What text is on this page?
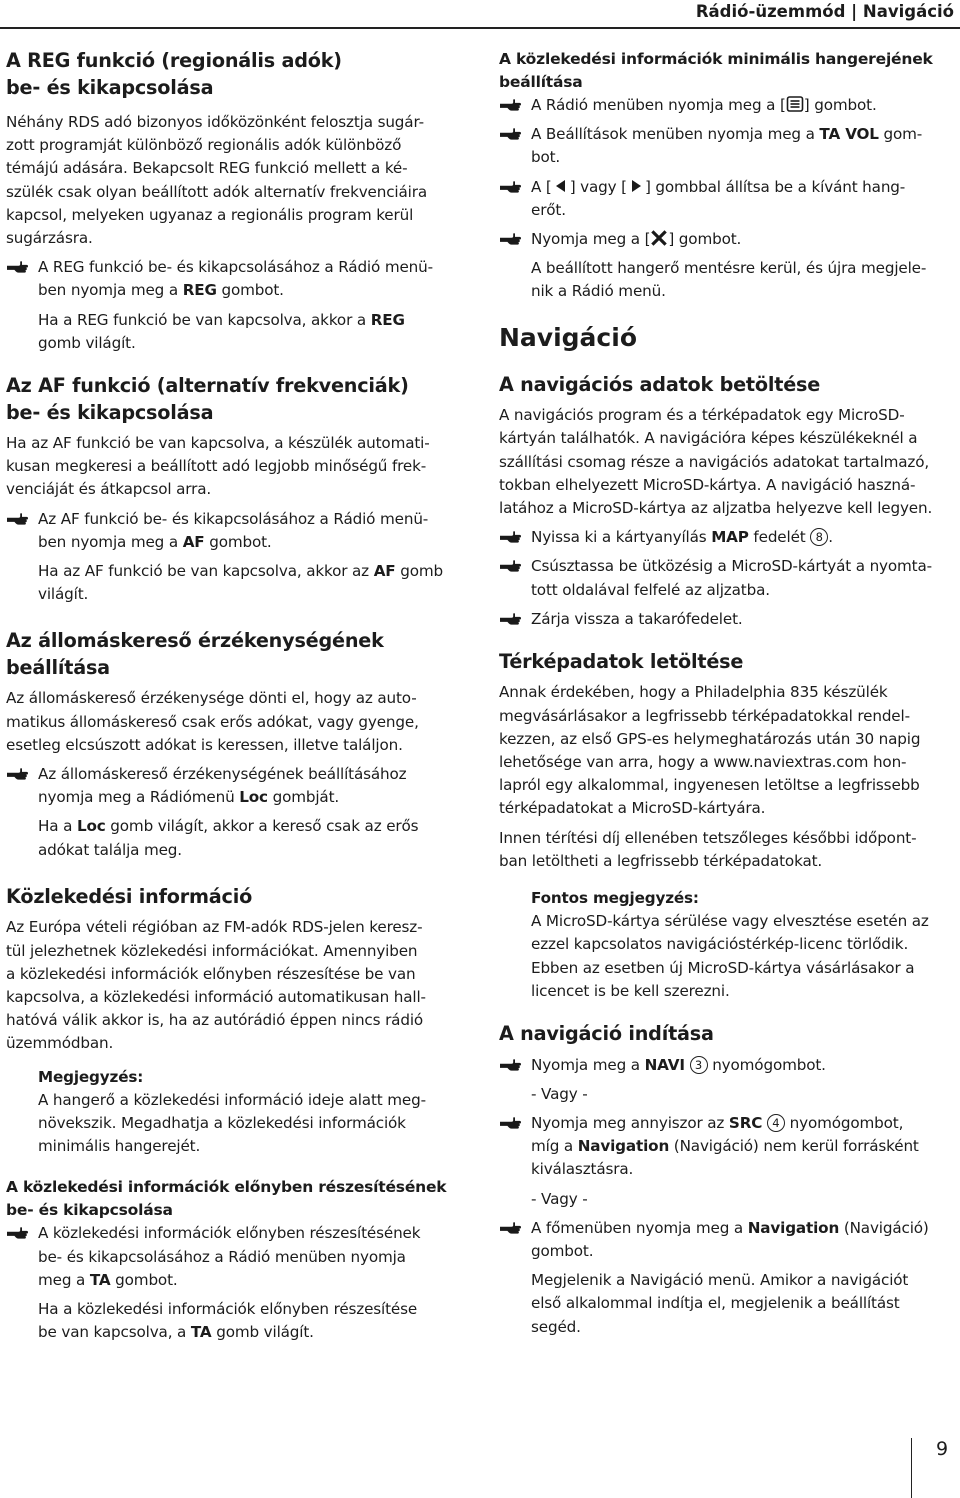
Rádió-üzemmód | Navigáció
A REG funkció (regionális adók)
be- és kikapcsolása

Néhány RDS adó bizonyos időközönként felosztja sugár-
zott programját különböző regionális adók különböző
témájú adására. Bekapcsolt REG funkció mellett a ké-
szülék csak olyan beállított adók alternatív frekvenciáira
kapcsol, melyeken ugyanaz a regionális program kerül
sugárzásra.

A REG funkció be- és kikapcsolásához a Rádió menü-
ben nyomja meg a REG gombot.

Ha a REG funkció be van kapcsolva, akkor a REG
gomb világít.

Az AF funkció (alternatív frekvenciák)
be- és kikapcsolása

Ha az AF funkció be van kapcsolva, a készülék automati-
kusan megkeresi a beállított adó legjobb minőségű frek-
venciáját és átkapcsol arra.

Az AF funkció be- és kikapcsolásához a Rádió menü-
ben nyomja meg a AF gombot.

Ha az AF funkció be van kapcsolva, akkor az AF gomb
világít.

Az állomáskereső érzékenységének
beállítása

Az állomáskereső érzékenysége dönti el, hogy az auto-
matikus állomáskereső csak erős adókat, vagy gyenge,
esetleg elcsúszott adókat is keressen, illetve találjon.

Az állomáskereső érzékenységének beállításához
nyomja meg a Rádiómenü Loc gombját.

Ha a Loc gomb világít, akkor a kereső csak az erős
adókat találja meg.

Közlekedési információ

Az Európa vételi régióban az FM-adók RDS-jelen keresz-
tül jelezhetnek közlekedési információkat. Amennyiben
a közlekedési információk előnyben részesítése be van
kapcsolva, a közlekedési információ automatikusan hall-
hatóvá válik akkor is, ha az autórádió éppen nincs rádió
üzemmódban.

Megjegyzés:
A hangerő a közlekedési információ ideje alatt meg-
növekszik. Megadhatja a közlekedési információk
minimális hangerejét.

A közlekedési információk előnyben részesítésének
be- és kikapcsolása
A közlekedési információk előnyben részesítésének
be- és kikapcsolásához a Rádió menüben nyomja
meg a TA gombot.

Ha a közlekedési információk előnyben részesítése
be van kapcsolva, a TA gomb világít.

A közlekedési információk minimális hangerejének
beállítása
A Rádió menüben nyomja meg a [ ] gombot.
A Beállítások menüben nyomja meg a TA VOL gom-
bot.
A [ ] vagy [ ] gombbal állítsa be a kívánt hang-
erőt.
Nyomja meg a [ ] gombot.

A beállított hangerő mentésre kerül, és újra megjele-
nik a Rádió menü.

Navigáció
A navigációs adatok betöltése

A navigációs program és a térképadatok egy MicroSD-
kártyán találhatók. A navigációra képes készülékeknél a
szállítási csomag része a navigációs adatokat tartalmazó,
tokban elhelyezett MicroSD-kártya. A navigáció haszná-
latához a MicroSD-kártya az aljzatba helyezve kell legyen.

Nyissa ki a kártyanyílás MAP fedelét 8 .
Csúsztassa be ütközésig a MicroSD-kártyát a nyomta-
tott oldalával felfelé az aljzatba.
Zárja vissza a takarófedelet.
Térképadatok letöltése

Annak érdekében, hogy a Philadelphia 835 készülék
megvásárlásakor a legfrissebb térképadatokkal rendel-
kezzen, az első GPS-es helymeghatározás után 30 napig
lehetősége van arra, hogy a www.naviextras.com hon-
lapról egy alkalommal, ingyenesen letöltse a legfrissebb
térképadatokat a MicroSD-kártyára.

Innen térítési díj ellenében tetszőleges későbbi időpont-
ban letöltheti a legfrissebb térképadatokat.

Fontos megjegyzés:
A MicroSD-kártya sérülése vagy elvesztése esetén az
ezzel kapcsolatos navigációstérkép-licenc törlődik.
Ebben az esetben új MicroSD-kártya vásárlásakor a
licencet is be kell szerezni.

A navigáció indítása
Nyomja meg a NAVI 3 nyomógombot.

- Vagy -

Nyomja meg annyiszor az SRC 4 nyomógombot,
míg a Navigation (Navigáció) nem kerül forrásként
kiválasztásra.

- Vagy -

A főmenüben nyomja meg a Navigation (Navigáció)
gombot.

Megjelenik a Navigáció menü. Amikor a navigációt
első alkalommal indítja el, megjelenik a beállítást
segéd.

9
